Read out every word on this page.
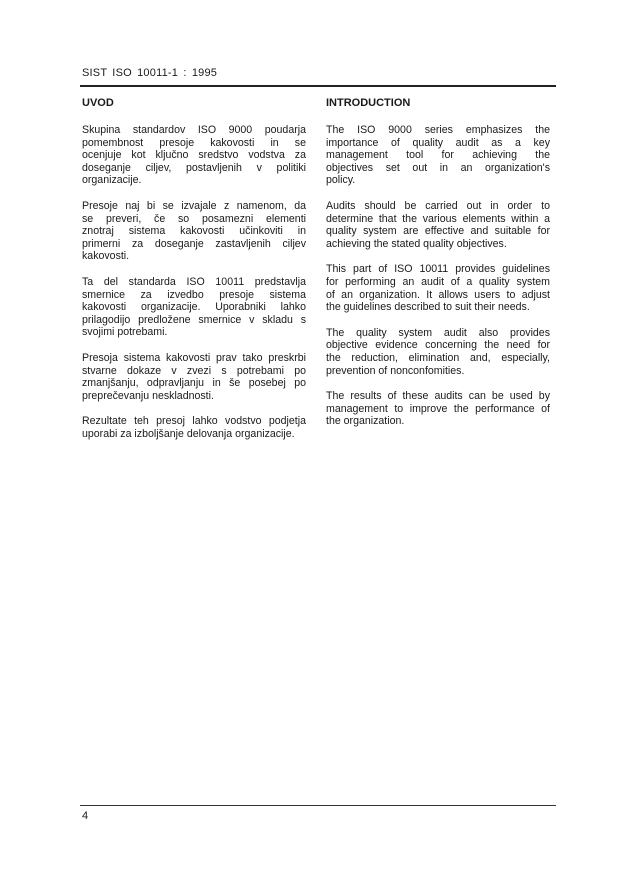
SIST ISO 10011-1 : 1995
UVOD
Skupina standardov ISO 9000 poudarja
pomembnost presoje kakovosti in se
ocenjuje kot ključno sredstvo vodstva za
doseganje ciljev, postavljenih v politiki
organizacije.
Presoje naj bi se izvajale z namenom, da
se preveri, če so posamezni elementi
znotraj sistema kakovosti učinkoviti in
primerni za doseganje zastavljenih ciljev
kakovosti.
Ta del standarda ISO 10011 predstavlja
smernice za izvedbo presoje sistema
kakovosti organizacije. Uporabniki lahko
prilagodijo predložene smernice v skladu s
svojimi potrebami.
Presoja sistema kakovosti prav tako preskrbi
stvarne dokaze v zvezi s potrebami po
zmanjšanju, odpravljanju in še posebej po
preprečevanju neskladnosti.
Rezultate teh presoj lahko vodstvo podjetja
uporabi za izboljšanje delovanja organizacije.
INTRODUCTION
The ISO 9000 series emphasizes the
importance of quality audit as a key
management tool for achieving the
objectives set out in an organization's
policy.
Audits should be carried out in order to
determine that the various elements within a
quality system are effective and suitable for
achieving the stated quality objectives.
This part of ISO 10011 provides guidelines
for performing an audit of a quality system
of an organization. It allows users to adjust
the guidelines described to suit their needs.
The quality system audit also provides
objective evidence concerning the need for
the reduction, elimination and, especially,
prevention of nonconfomities.
The results of these audits can be used by
management to improve the performance of
the organization.
4
